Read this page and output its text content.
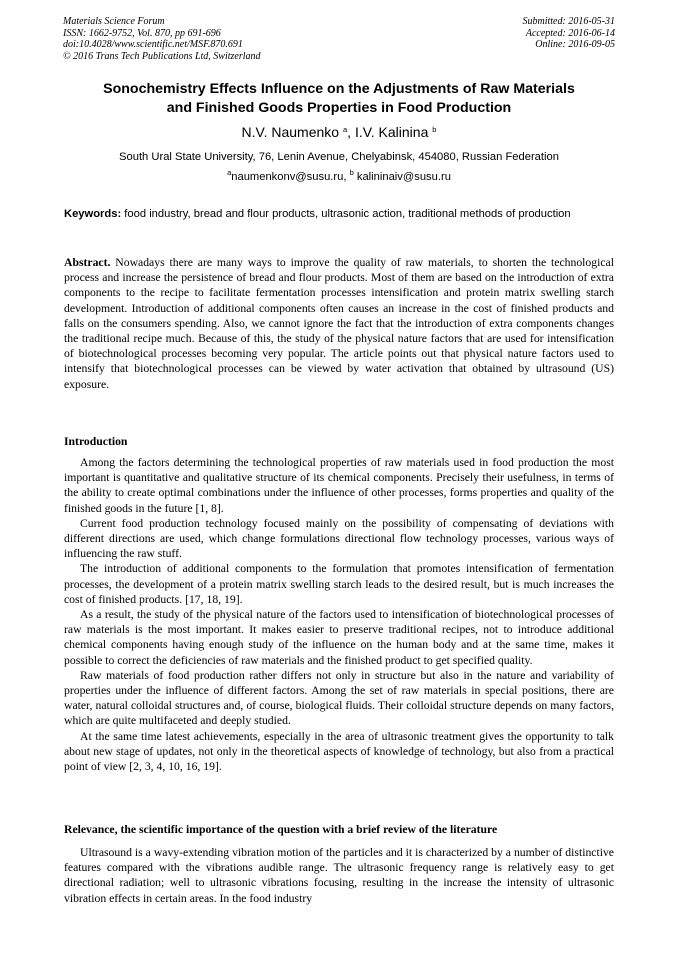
Materials Science Forum
ISSN: 1662-9752, Vol. 870, pp 691-696
doi:10.4028/www.scientific.net/MSF.870.691
© 2016 Trans Tech Publications Ltd, Switzerland
Submitted: 2016-05-31
Accepted: 2016-06-14
Online: 2016-09-05
Sonochemistry Effects Influence on the Adjustments of Raw Materials
and Finished Goods Properties in Food Production
N.V. Naumenko $^a$, I.V. Kalinina $^b$
South Ural State University, 76, Lenin Avenue, Chelyabinsk, 454080, Russian Federation
$^a$naumenkonv@susu.ru, $^b$ kalininaiv@susu.ru
Keywords: food industry, bread and flour products, ultrasonic action, traditional methods of production

Abstract. Nowadays there are many ways to improve the quality of raw materials, to shorten the technological process and increase the persistence of bread and flour products. Most of them are based on the introduction of extra components to the recipe to facilitate fermentation processes intensification and protein matrix swelling starch development. Introduction of additional components often causes an increase in the cost of finished products and falls on the consumers spending. Also, we cannot ignore the fact that the introduction of extra components changes the traditional recipe much. Because of this, the study of the physical nature factors that are used for intensification of biotechnological processes becoming very popular. The article points out that physical nature factors used to intensify that biotechnological processes can be viewed by water activation that obtained by ultrasound (US) exposure.

Introduction

Among the factors determining the technological properties of raw materials used in food production the most important is quantitative and qualitative structure of its chemical components. Precisely their usefulness, in terms of the ability to create optimal combinations under the influence of other processes, forms properties and quality of the finished goods in the future [1, 8].

Current food production technology focused mainly on the possibility of compensating of deviations with different directions are used, which change formulations directional flow technology processes, various ways of influencing the raw stuff.

The introduction of additional components to the formulation that promotes intensification of fermentation processes, the development of a protein matrix swelling starch leads to the desired result, but is much increases the cost of finished products. [17, 18, 19].

As a result, the study of the physical nature of the factors used to intensification of biotechnological processes of raw materials is the most important. It makes easier to preserve traditional recipes, not to introduce additional chemical components having enough study of the influence on the human body and at the same time, makes it possible to correct the deficiencies of raw materials and the finished product to get specified quality.

Raw materials of food production rather differs not only in structure but also in the nature and variability of properties under the influence of different factors. Among the set of raw materials in special positions, there are water, natural colloidal structures and, of course, biological fluids. Their colloidal structure depends on many factors, which are quite multifaceted and deeply studied.

At the same time latest achievements, especially in the area of ultrasonic treatment gives the opportunity to talk about new stage of updates, not only in the theoretical aspects of knowledge of technology, but also from a practical point of view [2, 3, 4, 10, 16, 19].

Relevance, the scientific importance of the question with a brief review of the literature

Ultrasound is a wavy-extending vibration motion of the particles and it is characterized by a number of distinctive features compared with the vibrations audible range. The ultrasonic frequency range is relatively easy to get directional radiation; well to ultrasonic vibrations focusing, resulting in the increase the intensity of ultrasonic vibration effects in certain areas. In the food industry
